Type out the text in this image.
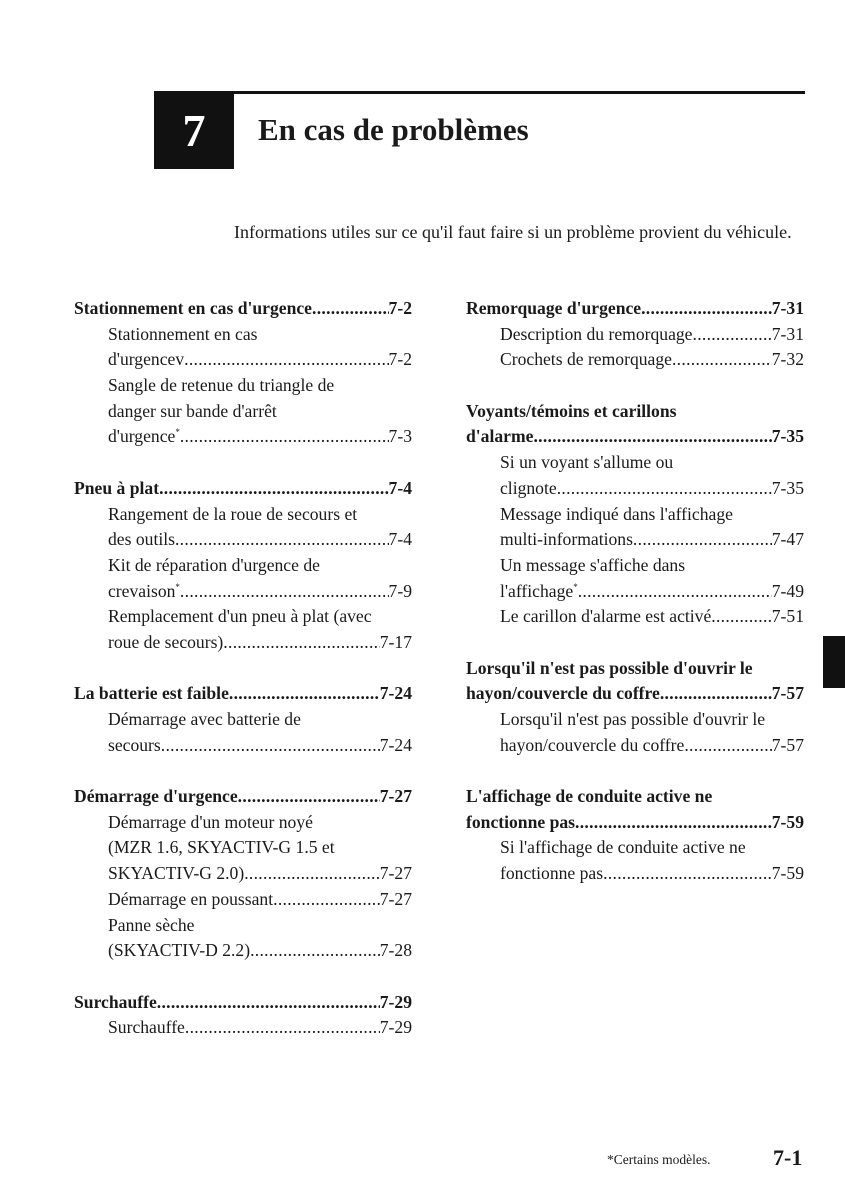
7	En cas de problèmes
Informations utiles sur ce qu'il faut faire si un problème provient du véhicule.
Stationnement en cas d'urgence .....	7-2
Stationnement en cas
d'urgencev .....	7-2
Sangle de retenue du triangle de
danger sur bande d'arrêt
d'urgence* .....	7-3
Pneu à plat .....	7-4
Rangement de la roue de secours et
des outils .....	7-4
Kit de réparation d'urgence de
crevaison* .....	7-9
Remplacement d'un pneu à plat (avec
roue de secours) .....	7-17
La batterie est faible .....	7-24
Démarrage avec batterie de
secours .....	7-24
Démarrage d'urgence .....	7-27
Démarrage d'un moteur noyé
(MZR 1.6, SKYACTIV-G 1.5 et
SKYACTIV-G 2.0) .....	7-27
Démarrage en poussant .....	7-27
Panne sèche
(SKYACTIV-D 2.2) .....	7-28
Surchauffe .....	7-29
Surchauffe .....	7-29
Remorquage d'urgence .....	7-31
Description du remorquage .....	7-31
Crochets de remorquage .....	7-32
Voyants/témoins et carillons
d'alarme .....	7-35
Si un voyant s'allume ou
clignote .....	7-35
Message indiqué dans l'affichage
multi-informations .....	7-47
Un message s'affiche dans
l'affichage* .....	7-49
Le carillon d'alarme est activé .....	7-51
Lorsqu'il n'est pas possible d'ouvrir le
hayon/couvercle du coffre .....	7-57
Lorsqu'il n'est pas possible d'ouvrir le
hayon/couvercle du coffre .....	7-57
L'affichage de conduite active ne
fonctionne pas .....	7-59
Si l'affichage de conduite active ne
fonctionne pas .....	7-59
*Certains modèles.	7-1
